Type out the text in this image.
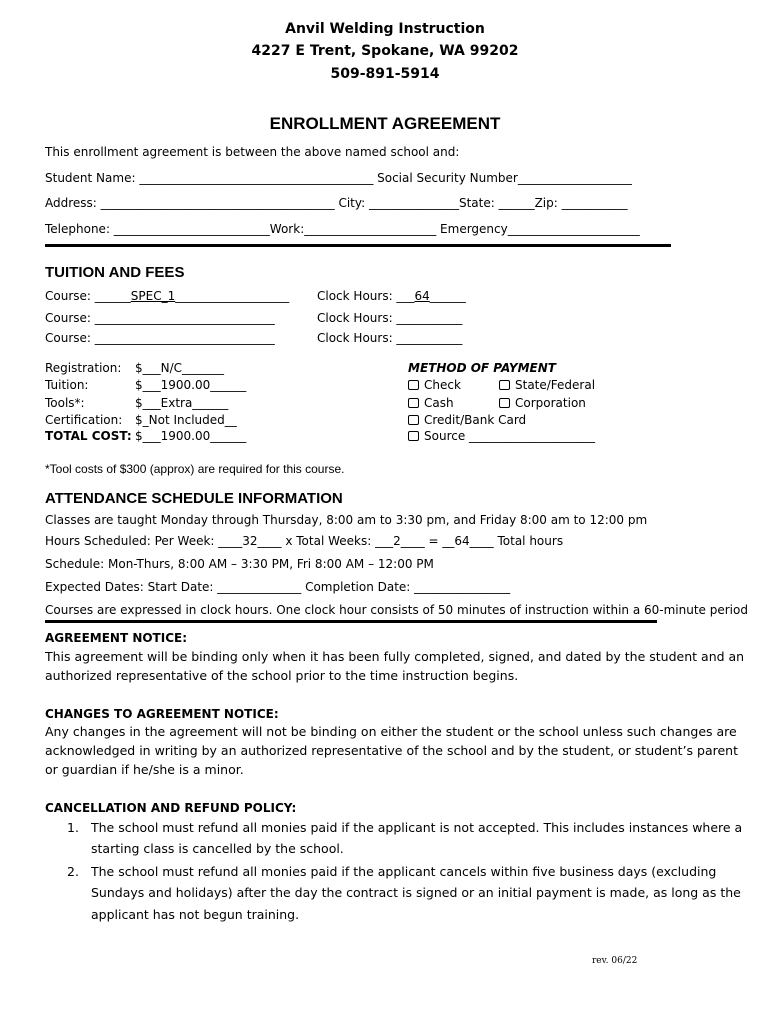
Anvil Welding Instruction
4227 E Trent, Spokane, WA 99202
509-891-5914
ENROLLMENT AGREEMENT
This enrollment agreement is between the above named school and:
Student Name: _______________________________________ Social Security Number___________________
Address: _______________________________________ City: _______________State: ______Zip: ___________
Telephone: __________________________Work:______________________ Emergency______________________
TUITION AND FEES
Course: ______SPEC_1___________________ Clock Hours: ___64______
Course: ______________________________	Clock Hours: ___________
Course: ______________________________	Clock Hours: ___________
Registration: $___N/C_______
Tuition:	$___1900.00______
Tools*:	$___Extra______
Certification: $_Not Included__
TOTAL COST: $___1900.00______
METHOD OF PAYMENT
Check	State/Federal
Cash	Corporation
Credit/Bank Card
Source _____________________
*Tool costs of $300 (approx) are required for this course.
ATTENDANCE SCHEDULE INFORMATION
Classes are taught Monday through Thursday, 8:00 am to 3:30 pm, and Friday 8:00 am to 12:00 pm
Hours Scheduled: Per Week: ____32____ x Total Weeks: ___2____ = __64____ Total hours
Schedule: Mon-Thurs, 8:00 AM – 3:30 PM, Fri 8:00 AM – 12:00 PM
Expected Dates: Start Date: ______________ Completion Date: ________________
Courses are expressed in clock hours. One clock hour consists of 50 minutes of instruction within a 60-minute period
AGREEMENT NOTICE:
This agreement will be binding only when it has been fully completed, signed, and dated by the student and an
authorized representative of the school prior to the time instruction begins.
CHANGES TO AGREEMENT NOTICE:
Any changes in the agreement will not be binding on either the student or the school unless such changes are
acknowledged in writing by an authorized representative of the school and by the student, or student’s parent
or guardian if he/she is a minor.
CANCELLATION AND REFUND POLICY:
1. The school must refund all monies paid if the applicant is not accepted. This includes instances where a
starting class is cancelled by the school.
2. The school must refund all monies paid if the applicant cancels within five business days (excluding
Sundays and holidays) after the day the contract is signed or an initial payment is made, as long as the
applicant has not begun training.
rev. 06/22
